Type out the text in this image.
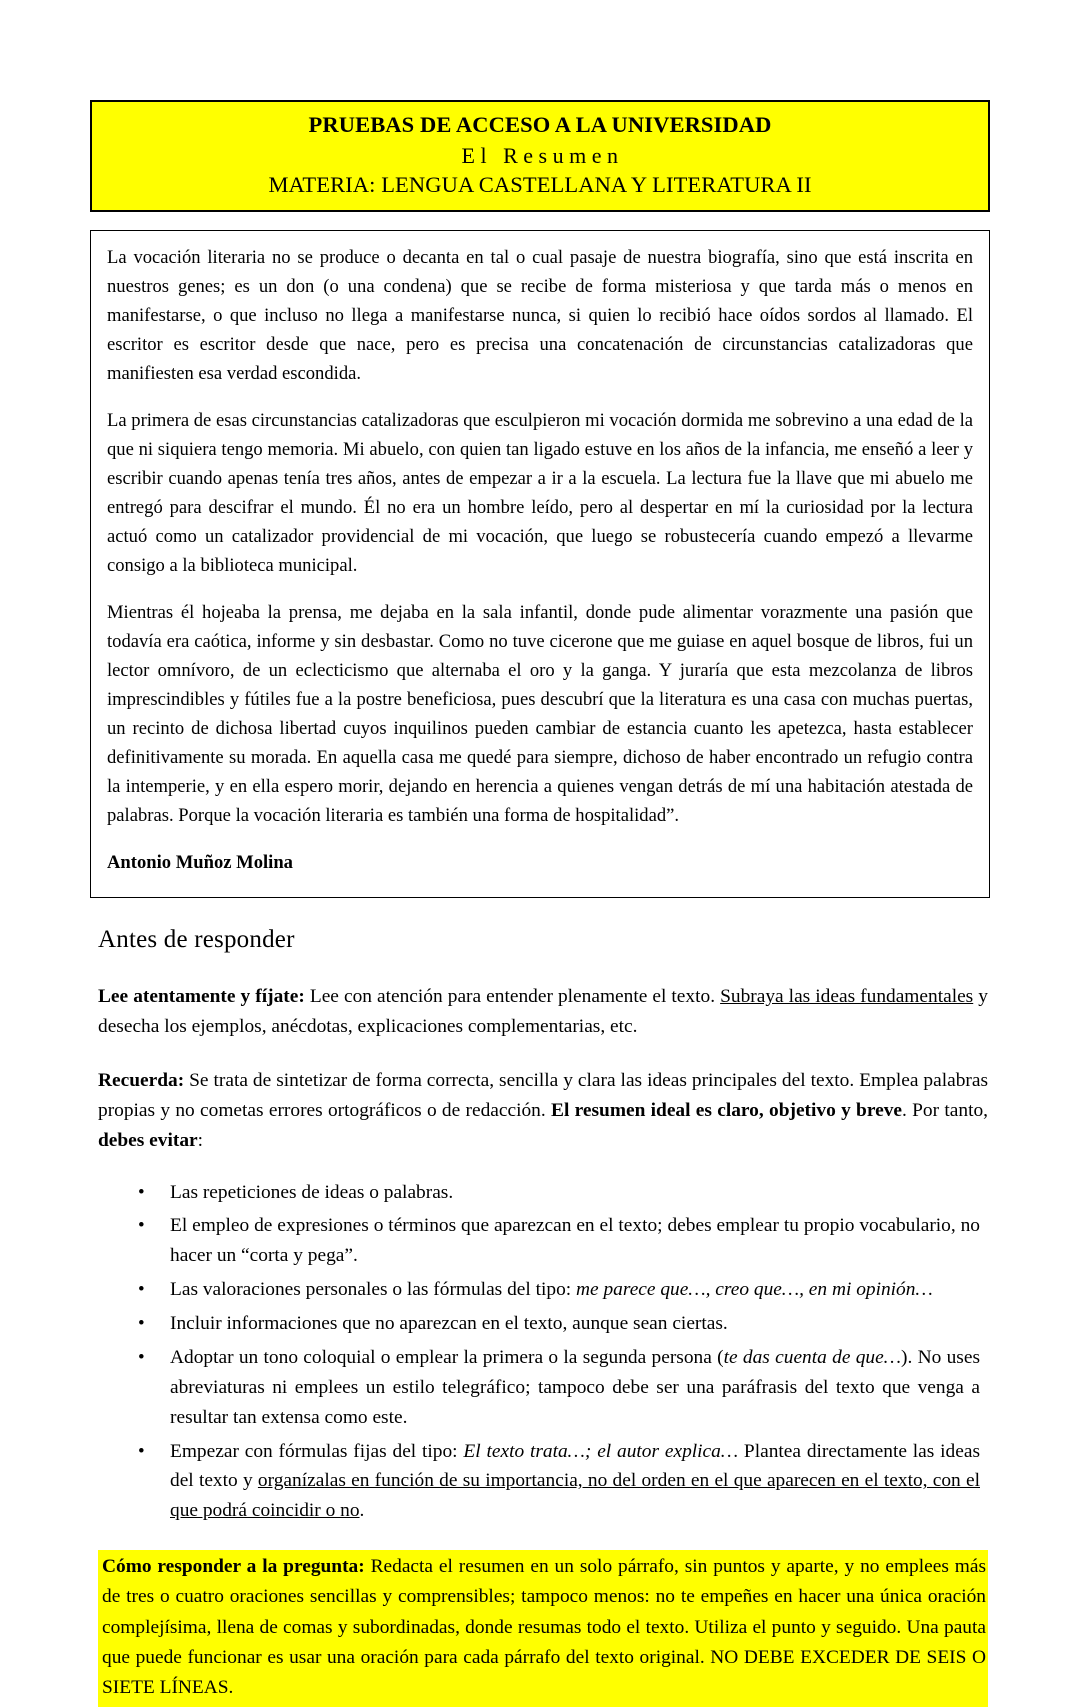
PRUEBAS DE ACCESO A LA UNIVERSIDAD
El Resumen
MATERIA: LENGUA CASTELLANA Y LITERATURA II

La vocación literaria no se produce o decanta en tal o cual pasaje de nuestra biografía, sino que está inscrita en nuestros genes; es un don (o una condena) que se recibe de forma misteriosa y que tarda más o menos en manifestarse, o que incluso no llega a manifestarse nunca, si quien lo recibió hace oídos sordos al llamado. El escritor es escritor desde que nace, pero es precisa una concatenación de circunstancias catalizadoras que manifiesten esa verdad escondida.

La primera de esas circunstancias catalizadoras que esculpieron mi vocación dormida me sobrevino a una edad de la que ni siquiera tengo memoria. Mi abuelo, con quien tan ligado estuve en los años de la infancia, me enseñó a leer y escribir cuando apenas tenía tres años, antes de empezar a ir a la escuela. La lectura fue la llave que mi abuelo me entregó para descifrar el mundo. Él no era un hombre leído, pero al despertar en mí la curiosidad por la lectura actuó como un catalizador providencial de mi vocación, que luego se robustecería cuando empezó a llevarme consigo a la biblioteca municipal.

Mientras él hojeaba la prensa, me dejaba en la sala infantil, donde pude alimentar vorazmente una pasión que todavía era caótica, informe y sin desbastar. Como no tuve cicerone que me guiase en aquel bosque de libros, fui un lector omnívoro, de un eclecticismo que alternaba el oro y la ganga. Y juraría que esta mezcolanza de libros imprescindibles y fútiles fue a la postre beneficiosa, pues descubrí que la literatura es una casa con muchas puertas, un recinto de dichosa libertad cuyos inquilinos pueden cambiar de estancia cuanto les apetezca, hasta establecer definitivamente su morada. En aquella casa me quedé para siempre, dichoso de haber encontrado un refugio contra la intemperie, y en ella espero morir, dejando en herencia a quienes vengan detrás de mí una habitación atestada de palabras. Porque la vocación literaria es también una forma de hospitalidad”.

Antonio Muñoz Molina

Antes de responder
Lee atentamente y fíjate: Lee con atención para entender plenamente el texto. Subraya las ideas fundamentales y desecha los ejemplos, anécdotas, explicaciones complementarias, etc.
Recuerda: Se trata de sintetizar de forma correcta, sencilla y clara las ideas principales del texto. Emplea palabras propias y no cometas errores ortográficos o de redacción. El resumen ideal es claro, objetivo y breve. Por tanto, debes evitar:
• Las repeticiones de ideas o palabras.
• El empleo de expresiones o términos que aparezcan en el texto; debes emplear tu propio vocabulario, no hacer un “corta y pega”.
• Las valoraciones personales o las fórmulas del tipo: me parece que…, creo que…, en mi opinión…
• Incluir informaciones que no aparezcan en el texto, aunque sean ciertas.
• Adoptar un tono coloquial o emplear la primera o la segunda persona (te das cuenta de que…). No uses abreviaturas ni emplees un estilo telegráfico; tampoco debe ser una paráfrasis del texto que venga a resultar tan extensa como este.
• Empezar con fórmulas fijas del tipo: El texto trata…; el autor explica… Plantea directamente las ideas del texto y organízalas en función de su importancia, no del orden en el que aparecen en el texto, con el que podrá coincidir o no.
Cómo responder a la pregunta: Redacta el resumen en un solo párrafo, sin puntos y aparte, y no emplees más de tres o cuatro oraciones sencillas y comprensibles; tampoco menos: no te empeñes en hacer una única oración complejísima, llena de comas y subordinadas, donde resumas todo el texto. Utiliza el punto y seguido. Una pauta que puede funcionar es usar una oración para cada párrafo del texto original. NO DEBE EXCEDER DE SEIS O SIETE LÍNEAS.
